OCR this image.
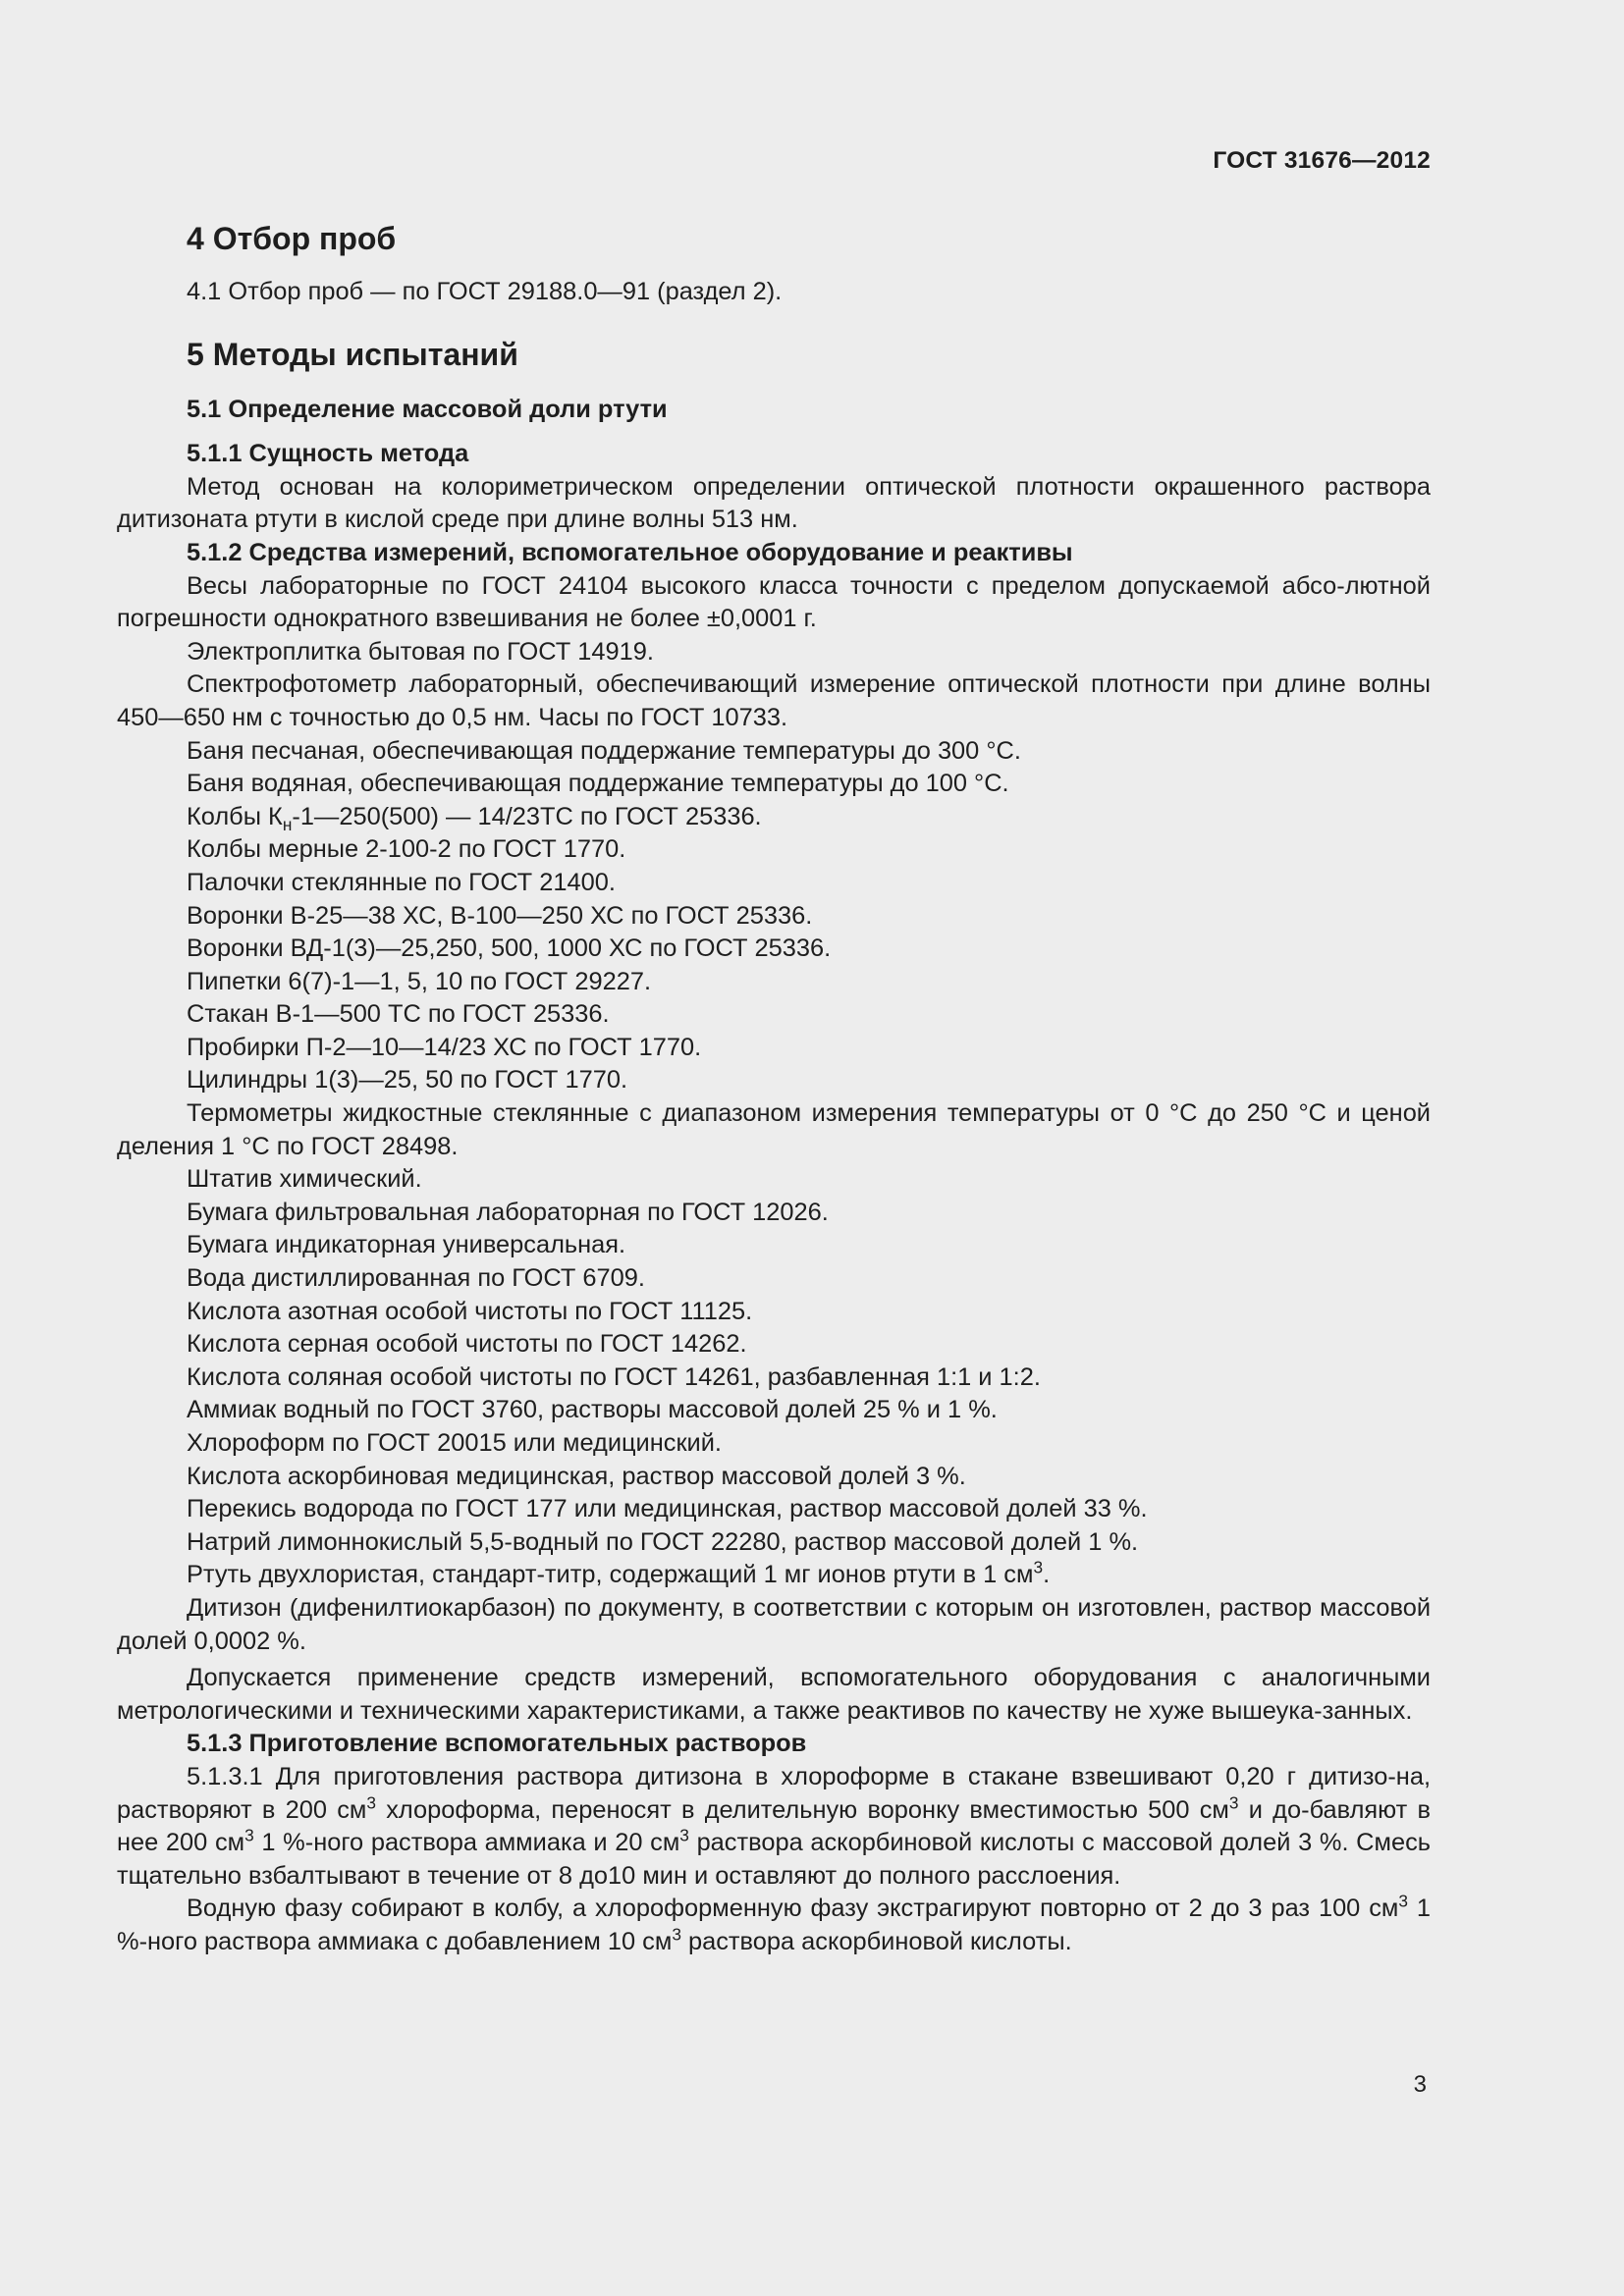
ГОСТ 31676—2012
4 Отбор проб
4.1 Отбор проб — по ГОСТ 29188.0—91 (раздел 2).
5 Методы испытаний
5.1 Определение массовой доли ртути
5.1.1 Сущность метода
Метод основан на колориметрическом определении оптической плотности окрашенного раствора дитизоната ртути в кислой среде при длине волны 513 нм.
5.1.2 Средства измерений, вспомогательное оборудование и реактивы
Весы лабораторные по ГОСТ 24104 высокого класса точности с пределом допускаемой абсо-лютной погрешности однократного взвешивания не более ±0,0001 г.
Электроплитка бытовая по ГОСТ 14919.
Спектрофотометр лабораторный, обеспечивающий измерение оптической плотности при длине волны 450—650 нм с точностью до 0,5 нм. Часы по ГОСТ 10733.
Баня песчаная, обеспечивающая поддержание температуры до 300 °С.
Баня водяная, обеспечивающая поддержание температуры до 100 °С.
Колбы $К_н-1—250(500)$ — 14/23ТС по ГОСТ 25336.
Колбы мерные 2-100-2 по ГОСТ 1770.
Палочки стеклянные по ГОСТ 21400.
Воронки В-25—38 ХС, В-100—250 ХС по ГОСТ 25336.
Воронки ВД-1(3)—25,250, 500, 1000 ХС по ГОСТ 25336.
Пипетки 6(7)-1—1, 5, 10 по ГОСТ 29227.
Стакан В-1—500 ТС по ГОСТ 25336.
Пробирки П-2—10—14/23 ХС по ГОСТ 1770.
Цилиндры 1(3)—25, 50 по ГОСТ 1770.
Термометры жидкостные стеклянные с диапазоном измерения температуры от 0 °С до 250 °С и ценой деления 1 °С по ГОСТ 28498.
Штатив химический.
Бумага фильтровальная лабораторная по ГОСТ 12026.
Бумага индикаторная универсальная.
Вода дистиллированная по ГОСТ 6709.
Кислота азотная особой чистоты по ГОСТ 11125.
Кислота серная особой чистоты по ГОСТ 14262.
Кислота соляная особой чистоты по ГОСТ 14261, разбавленная 1:1 и 1:2.
Аммиак водный по ГОСТ 3760, растворы массовой долей 25 % и 1 %.
Хлороформ по ГОСТ 20015 или медицинский.
Кислота аскорбиновая медицинская, раствор массовой долей 3 %.
Перекись водорода по ГОСТ 177 или медицинская, раствор массовой долей 33 %.
Натрий лимоннокислый 5,5-водный по ГОСТ 22280, раствор массовой долей 1 %.
Ртуть двухлористая, стандарт-титр, содержащий 1 мг ионов ртути в 1 $см^3$.
Дитизон (дифенилтиокарбазон) по документу, в соответствии с которым он изготовлен, раствор массовой долей 0,0002 %.
Допускается применение средств измерений, вспомогательного оборудования с аналогичными метрологическими и техническими характеристиками, а также реактивов по качеству не хуже вышеука-занных.
5.1.3 Приготовление вспомогательных растворов
5.1.3.1 Для приготовления раствора дитизона в хлороформе в стакане взвешивают 0,20 г дитизо-на, растворяют в 200 $см^3$ хлороформа, переносят в делительную воронку вместимостью 500 $см^3$ и до-бавляют в нее 200 $см^3$ 1 %-ного раствора аммиака и 20 $см^3$ раствора аскорбиновой кислоты с массовой долей 3 %. Смесь тщательно взбалтывают в течение от 8 до10 мин и оставляют до полного расслоения.
Водную фазу собирают в колбу, а хлороформенную фазу экстрагируют повторно от 2 до 3 раз 100 $см^3$ 1 %-ного раствора аммиака с добавлением 10 $см^3$ раствора аскорбиновой кислоты.
3
